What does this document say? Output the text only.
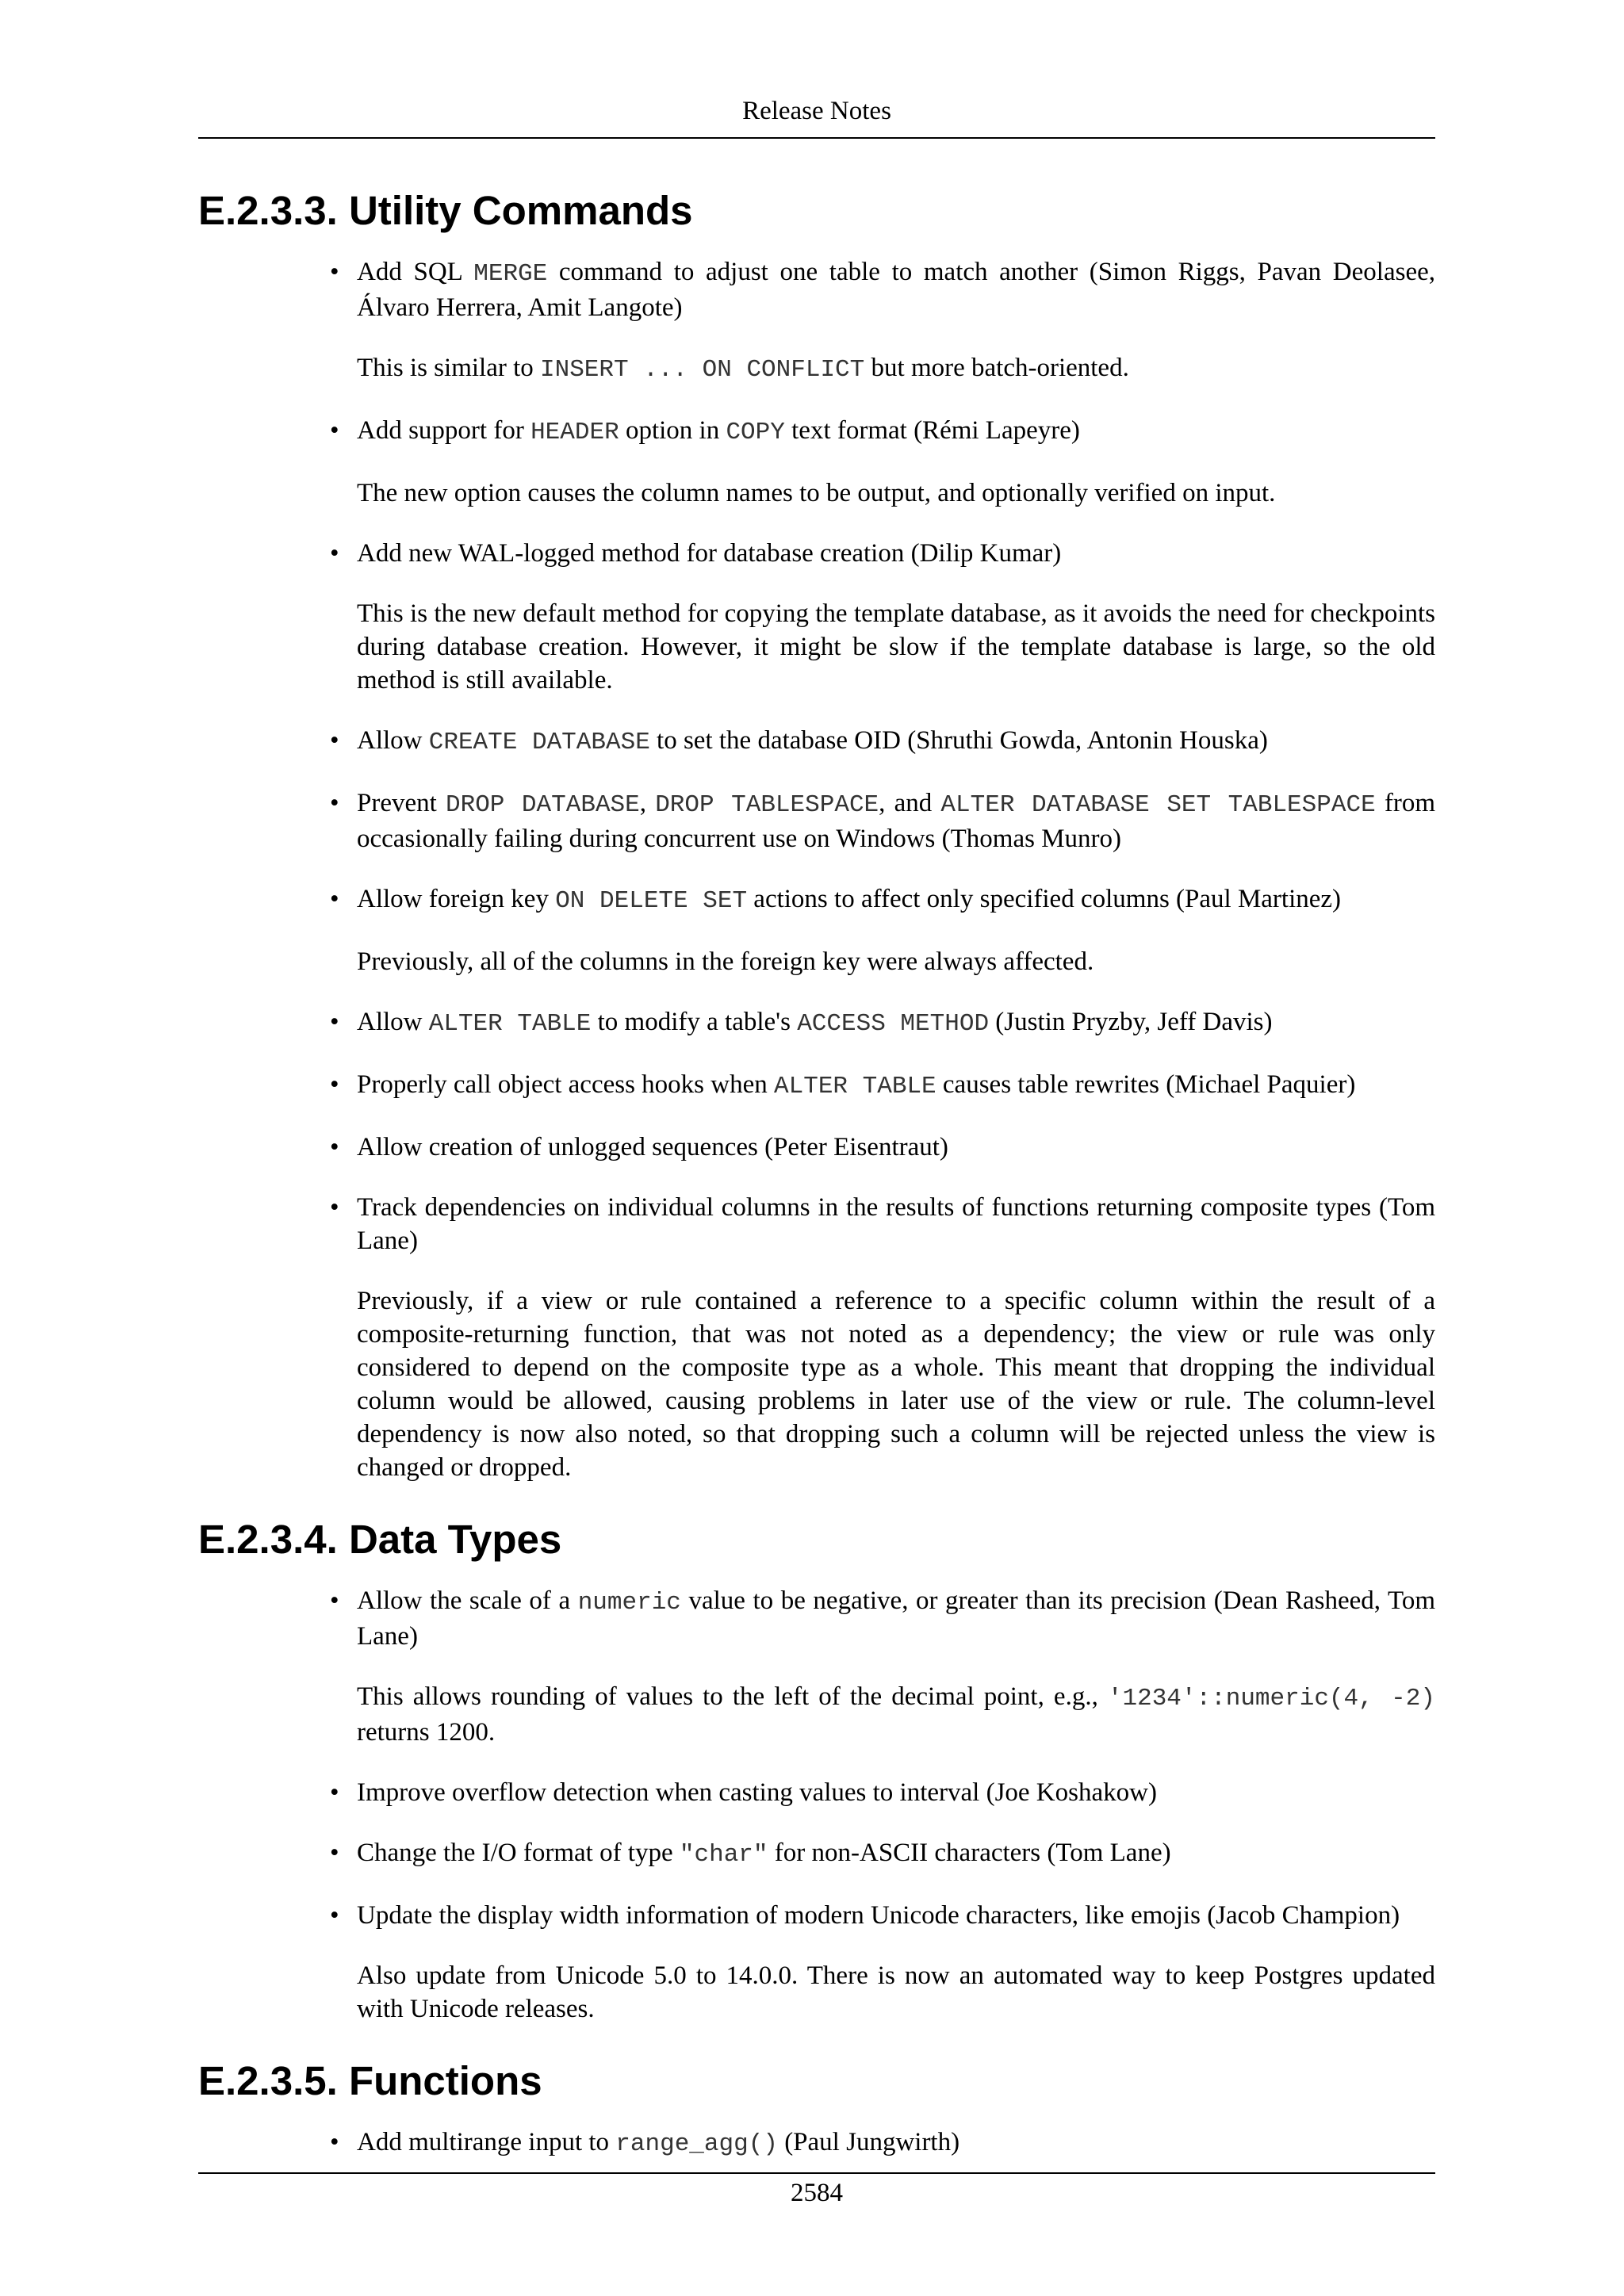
Release Notes
E.2.3.3. Utility Commands
• Add SQL MERGE command to adjust one table to match another (Simon Riggs, Pavan Deolasee, Álvaro Herrera, Amit Langote)

This is similar to INSERT ... ON CONFLICT but more batch-oriented.

• Add support for HEADER option in COPY text format (Rémi Lapeyre)

The new option causes the column names to be output, and optionally verified on input.

• Add new WAL-logged method for database creation (Dilip Kumar)

This is the new default method for copying the template database, as it avoids the need for checkpoints during database creation. However, it might be slow if the template database is large, so the old method is still available.

• Allow CREATE DATABASE to set the database OID (Shruthi Gowda, Antonin Houska)

• Prevent DROP DATABASE, DROP TABLESPACE, and ALTER DATABASE SET TABLESPACE from occasionally failing during concurrent use on Windows (Thomas Munro)

• Allow foreign key ON DELETE SET actions to affect only specified columns (Paul Martinez)

Previously, all of the columns in the foreign key were always affected.

• Allow ALTER TABLE to modify a table's ACCESS METHOD (Justin Pryzby, Jeff Davis)

• Properly call object access hooks when ALTER TABLE causes table rewrites (Michael Paquier)

• Allow creation of unlogged sequences (Peter Eisentraut)

• Track dependencies on individual columns in the results of functions returning composite types (Tom Lane)

Previously, if a view or rule contained a reference to a specific column within the result of a composite-returning function, that was not noted as a dependency; the view or rule was only considered to depend on the composite type as a whole. This meant that dropping the individual column would be allowed, causing problems in later use of the view or rule. The column-level dependency is now also noted, so that dropping such a column will be rejected unless the view is changed or dropped.

E.2.3.4. Data Types
• Allow the scale of a numeric value to be negative, or greater than its precision (Dean Rasheed, Tom Lane)

This allows rounding of values to the left of the decimal point, e.g., '1234'::numeric(4, -2) returns 1200.

• Improve overflow detection when casting values to interval (Joe Koshakow)

• Change the I/O format of type "char" for non-ASCII characters (Tom Lane)

• Update the display width information of modern Unicode characters, like emojis (Jacob Champion)

Also update from Unicode 5.0 to 14.0.0. There is now an automated way to keep Postgres updated with Unicode releases.

E.2.3.5. Functions
• Add multirange input to range_agg() (Paul Jungwirth)

2584
